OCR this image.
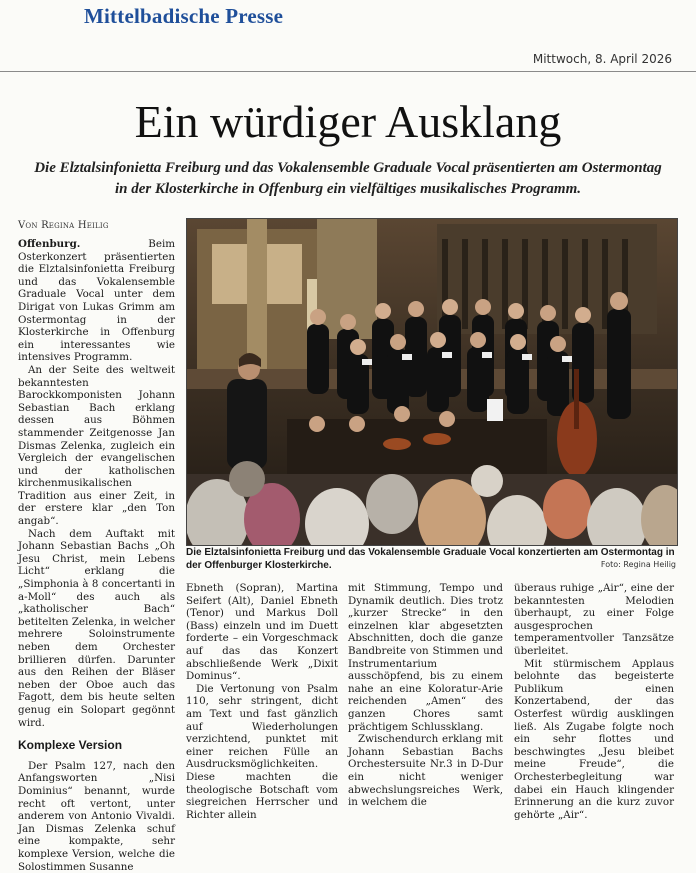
Mittelbadische Presse
Mittwoch, 8. April 2026
Ein würdiger Ausklang
Die Elztalsinfonietta Freiburg und das Vokalensemble Graduale Vocal präsentierten am Ostermontag in der Klosterkirche in Offenburg ein vielfältiges musikalisches Programm.
Von Regina Heilig

Offenburg.	Beim Osterkonzert präsentierten die Elztalsinfonietta Freiburg und das Vokalensemble Graduale Vocal unter dem Dirigat von Lukas Grimm am Ostermontag in der Klosterkirche in Offenburg ein interessantes wie intensives Programm.

An der Seite des weltweit bekanntesten Barockkomponisten Johann Sebastian Bach erklang dessen aus Böhmen stammender Zeitgenosse Jan Dismas Zelenka, zugleich ein Vergleich der evangelischen und der katholischen kirchenmusikalischen Tradition aus einer Zeit, in der erstere klar „den Ton angab“.

Nach dem Auftakt mit Johann Sebastian Bachs „Oh Jesu Christ, mein Lebens Licht“ erklang die „Simphonia à 8 concertanti in a-Moll“ des auch als „katholischer Bach“ betitelten Zelenka, in welcher mehrere Soloinstrumente neben dem Orchester brillieren dürfen. Darunter aus den Reihen der Bläser neben der Oboe auch das Fagott, dem bis heute selten genug ein Solopart gegönnt wird.

Komplexe Version

Der Psalm 127, nach den Anfangsworten „Nisi Dominius“ benannt, wurde recht oft vertont, unter anderem von Antonio Vivaldi. Jan Dismas Zelenka schuf eine kompakte, sehr komplexe Version, welche die Solostimmen Susanne

Die Elztalsinfonietta Freiburg und das Vokalensemble Graduale Vocal konzertierten am Ostermontag in der Offenburger Klosterkirche.	Foto: Regina Heilig

Ebneth (Sopran), Martina Seifert (Alt), Daniel Ebneth (Tenor) und Markus Doll (Bass) einzeln und im Duett forderte – ein Vorgeschmack auf das das Konzert abschließende Werk „Dixit Dominus“.

Die Vertonung von Psalm 110, sehr stringent, dicht am Text und fast gänzlich auf Wiederholungen verzichtend, punktet mit einer reichen Fülle an Ausdrucksmöglichkeiten. Diese machten die theologische Botschaft vom siegreichen Herrscher und Richter allein

mit Stimmung, Tempo und Dynamik deutlich. Dies trotz „kurzer Strecke“ in den einzelnen klar abgesetzten Abschnitten, doch die ganze Bandbreite von Stimmen und Instrumentarium ausschöpfend, bis zu einem nahe an eine Koloratur-Arie reichenden „Amen“ des ganzen Chores samt prächtigem Schlussklang.

Zwischendurch erklang mit Johann Sebastian Bachs Orchestersuite Nr.3 in D-Dur ein nicht weniger abwechslungsreiches Werk, in welchem die

überaus ruhige „Air“, eine der bekanntesten Melodien überhaupt, zu einer Folge ausgesprochen temperamentvoller Tanzsätze überleitet.

Mit stürmischem Applaus belohnte das begeisterte Publikum einen Konzertabend, der das Osterfest würdig ausklingen ließ. Als Zugabe folgte noch ein sehr flottes und beschwingtes „Jesu bleibet meine Freude“, die Orchesterbegleitung war dabei ein Hauch klingender Erinnerung an die kurz zuvor gehörte „Air“.
